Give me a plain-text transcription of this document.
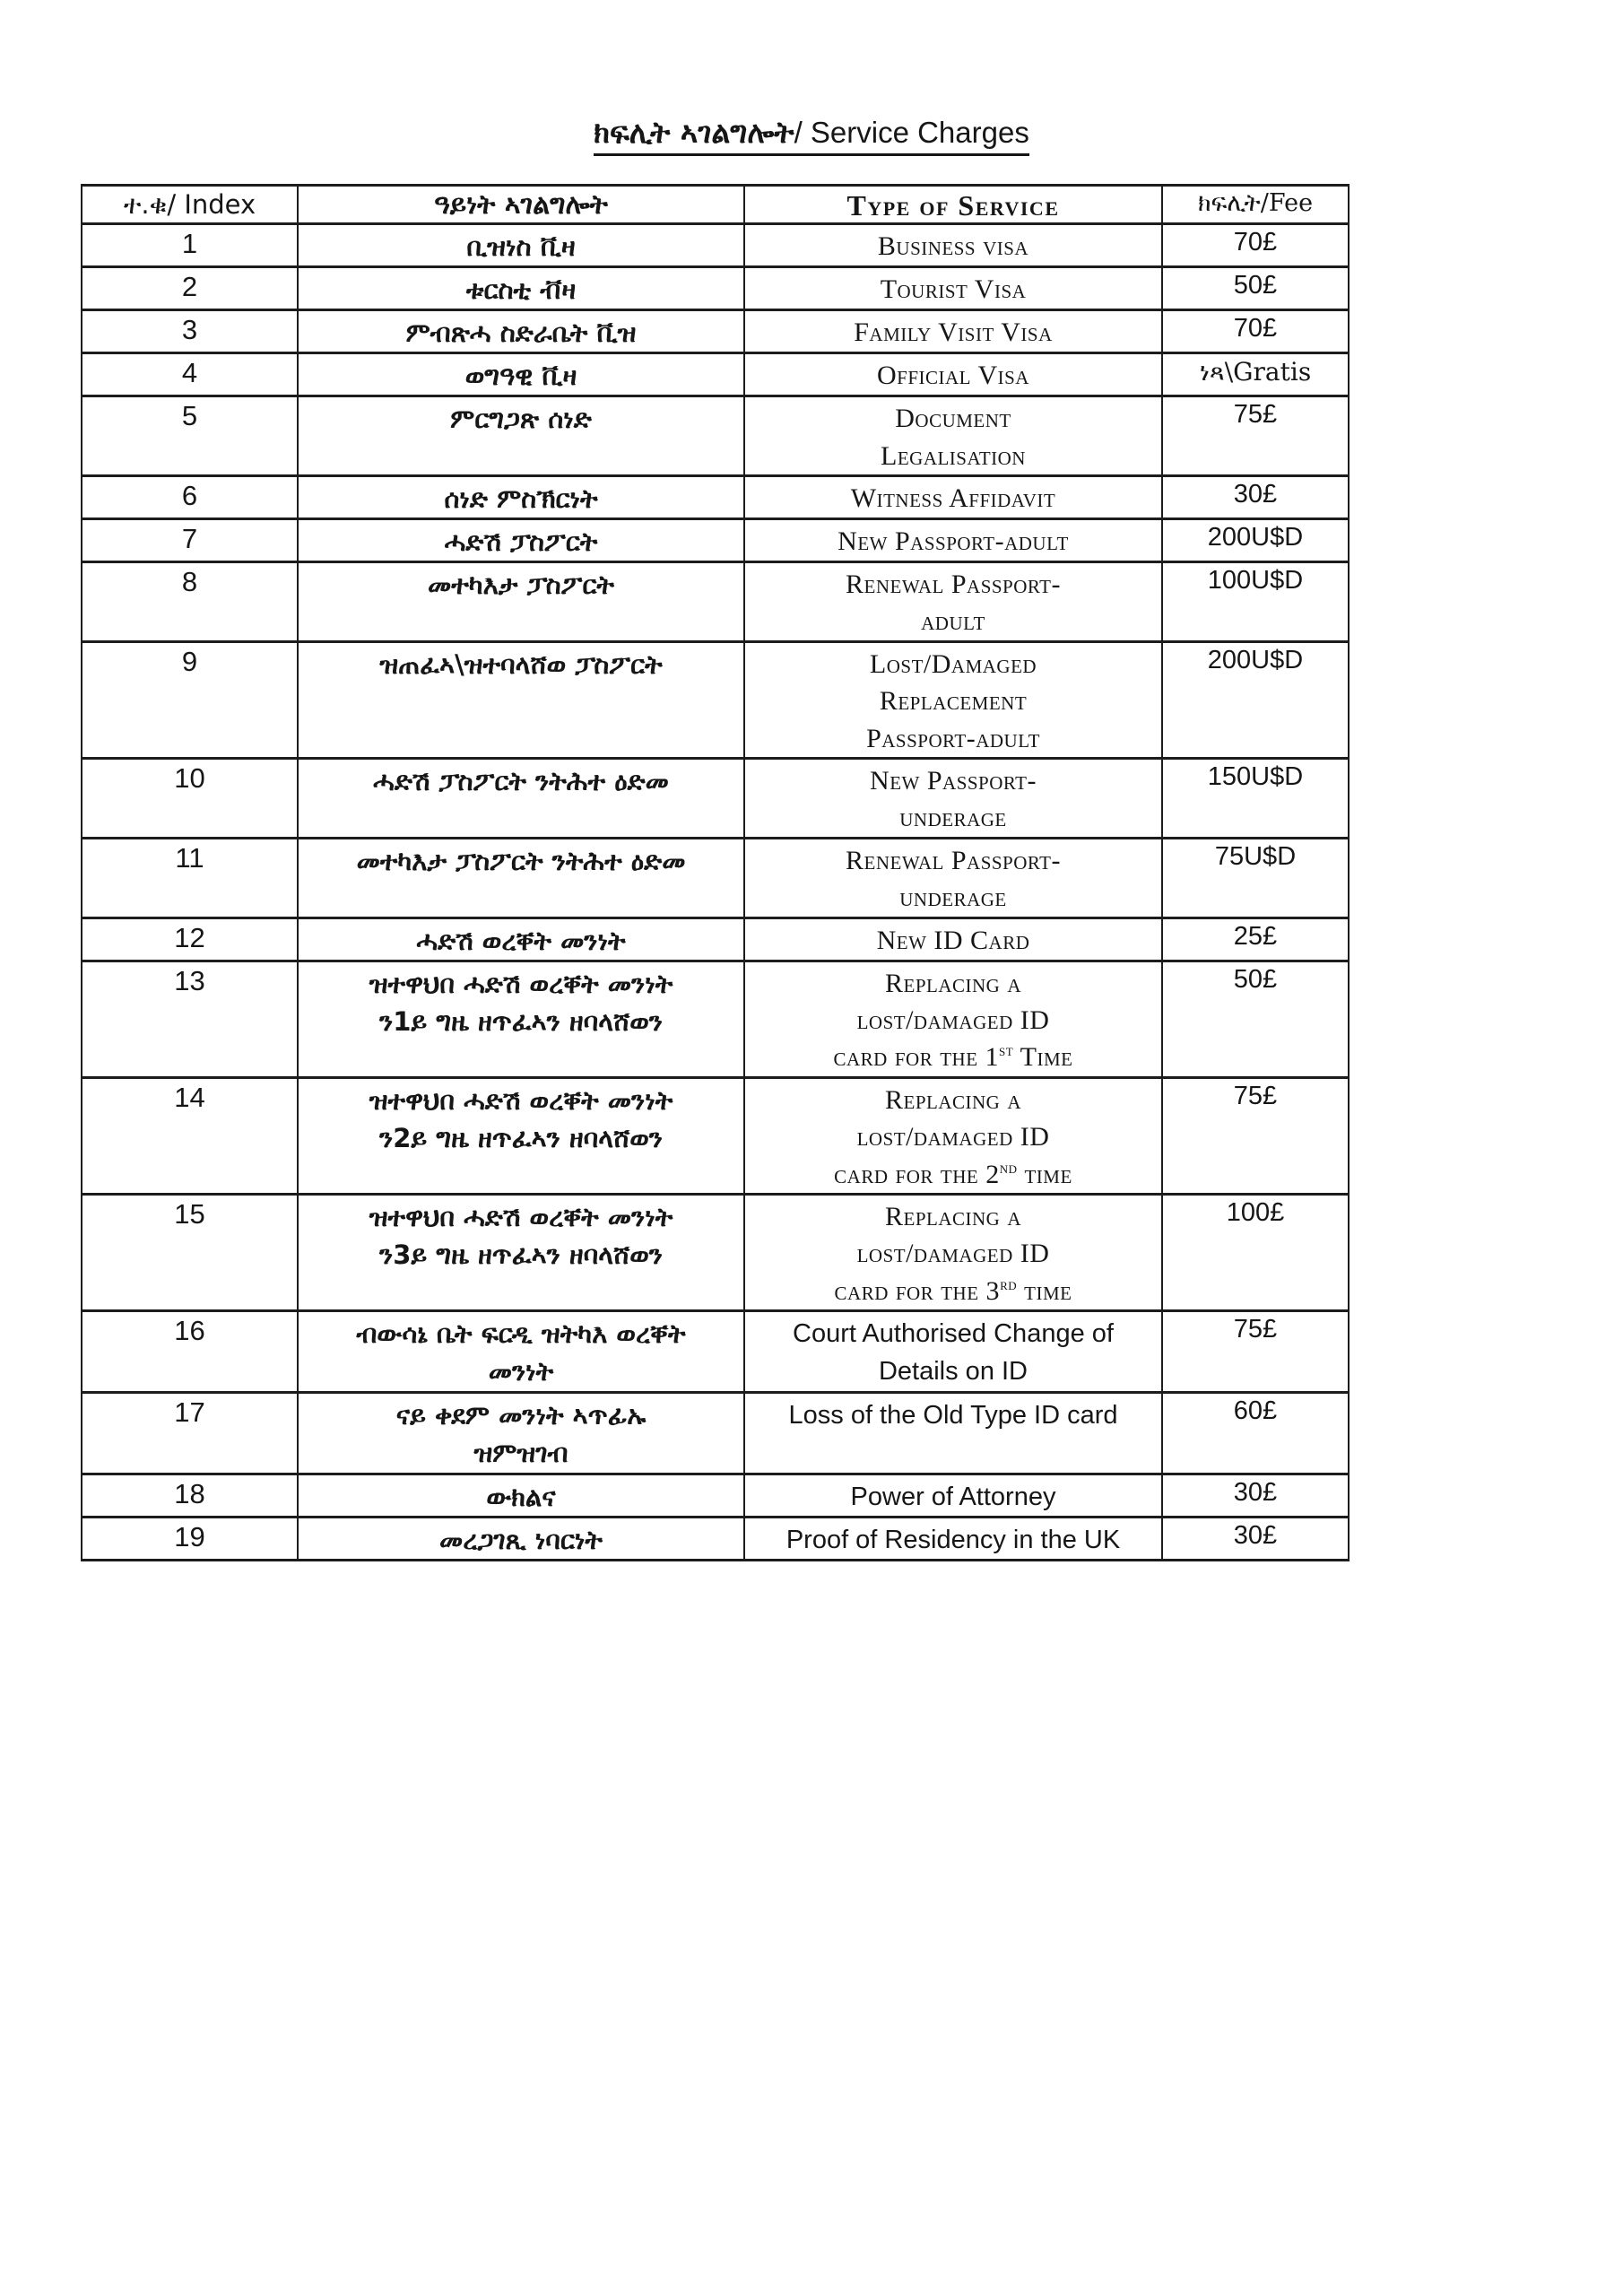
ክፍሊት ኣገልግሎት/ Service Charges
ተ.ቁ/ Index	ዓይነት ኣገልግሎት	Type of Service	ክፍሊት/Fee
1	ቢዝነስ ቪዛ	Business visa	70£
2	ቱርስቲ ቭዛ	Tourist Visa	50£
3	ምብጽሓ ስድራቤት ቪዝ	Family Visit Visa	70£
4	ወግዓዊ ቪዛ	Official Visa	ነጻ\Gratis
5	ምርግጋጽ ሰነድ	Document
Legalisation	75£
6	ሰነድ ምስኽርነት	Witness Affidavit	30£
7	ሓድሽ ፓስፖርት	New Passport-adult	200U$D
8	መተካእታ ፓስፖርት	Renewal Passport-
adult	100U$D
9	ዝጠፈኣ\ዝተባላሸወ ፓስፖርት	Lost/Damaged
Replacement
Passport-adult	200U$D
10	ሓድሽ ፓስፖርት ንትሕተ ዕድመ	New Passport-
underage	150U$D
11	መተካእታ ፓስፖርት ንትሕተ ዕድመ	Renewal Passport-
underage	75U$D
12	ሓድሽ ወረቐት መንነት	New ID Card	25£
13	ዝተዋህበ ሓድሽ ወረቐት መንነት
ን1ይ ግዜ ዘጥፈኣን ዘባላሸወን	Replacing a
lost/damaged ID
card for the 1st Time	50£
14	ዝተዋህበ ሓድሽ ወረቐት መንነት
ን2ይ ግዜ ዘጥፈኣን ዘባላሸወን	Replacing a
lost/damaged ID
card for the 2nd time	75£
15	ዝተዋህበ ሓድሽ ወረቐት መንነት
ን3ይ ግዜ ዘጥፈኣን ዘባላሸወን	Replacing a
lost/damaged ID
card for the 3rd time	100£
16	ብውሳኔ ቤት ፍርዲ ዝትካእ ወረቐት
መንነት	Court Authorised Change of
Details on ID	75£
17	ናይ ቀደም መንነት ኣጥፊኡ
ዝምዝገብ	Loss of the Old Type ID card	60£
18	ውክልና	Power of Attorney	30£
19	መረጋገጺ ነባርነት	Proof of Residency in the UK	30£
